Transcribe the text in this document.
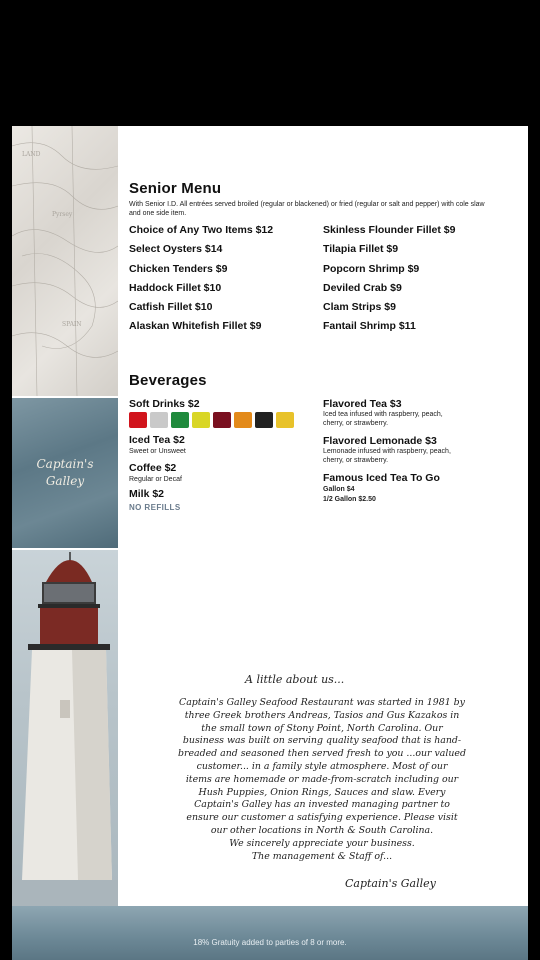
LAND
Pyrsey
SPAIN
Captain's
Galley
18% Gratuity added to parties of 8 or more.
Senior Menu
With Senior I.D. All entrées served broiled (regular or blackened) or fried (regular or salt and pepper) with cole slaw and one side item.
Choice of Any Two Items $12
Select Oysters $14
Chicken Tenders $9
Haddock Fillet $10
Catfish Fillet $10
Alaskan Whitefish Fillet $9
Skinless Flounder Fillet $9
Tilapia Fillet $9
Popcorn Shrimp $9
Deviled Crab $9
Clam Strips $9
Fantail Shrimp $11
Beverages
Soft Drinks $2
Iced Tea $2
Sweet or Unsweet
Coffee $2
Regular or Decaf
Milk $2
NO REFILLS
Flavored Tea $3
Iced tea infused with raspberry, peach,
cherry, or strawberry.
Flavored Lemonade $3
Lemonade infused with raspberry, peach,
cherry, or strawberry.
Famous Iced Tea To Go
Gallon $4
1/2 Gallon $2.50
A little about us...
Captain's Galley Seafood Restaurant was started in 1981 by
three Greek brothers Andreas, Tasios and Gus Kazakos in
the small town of Stony Point, North Carolina. Our
business was built on serving quality seafood that is hand-
breaded and seasoned then served fresh to you ...our valued
customer... in a family style atmosphere. Most of our
items are homemade or made-from-scratch including our
Hush Puppies, Onion Rings, Sauces and slaw. Every
Captain's Galley has an invested managing partner to
ensure our customer a satisfying experience. Please visit
our other locations in North & South Carolina.
We sincerely appreciate your business.
The management & Staff of...
Captain's Galley
